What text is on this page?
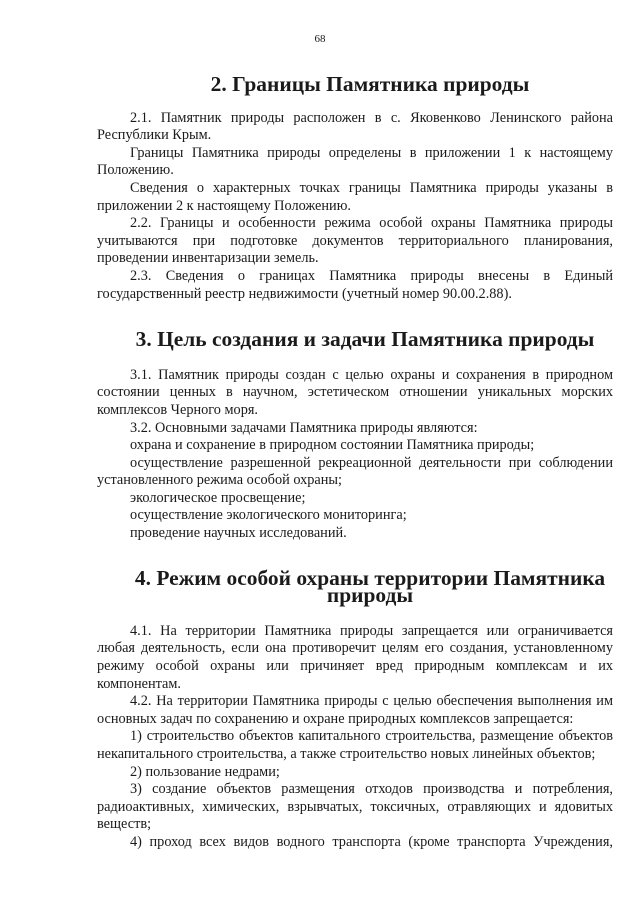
68
2. Границы Памятника природы

2.1. Памятник природы расположен в с. Яковенково Ленинского района Республики Крым.

Границы Памятника природы определены в приложении 1 к настоящему Положению.

Сведения о характерных точках границы Памятника природы указаны в приложении 2 к настоящему Положению.

2.2. Границы и особенности режима особой охраны Памятника природы учитываются при подготовке документов территориального планирования, проведении инвентаризации земель.

2.3. Сведения о границах Памятника природы внесены в Единый государственный реестр недвижимости (учетный номер 90.00.2.88).

3. Цель создания и задачи Памятника природы

3.1. Памятник природы создан с целью охраны и сохранения в природном состоянии ценных в научном, эстетическом отношении уникальных морских комплексов Черного моря.

3.2. Основными задачами Памятника природы являются:

охрана и сохранение в природном состоянии Памятника природы;

осуществление разрешенной рекреационной деятельности при соблюдении установленного режима особой охраны;

экологическое просвещение;

осуществление экологического мониторинга;

проведение научных исследований.

4. Режим особой охраны территории Памятника природы

4.1. На территории Памятника природы запрещается или ограничивается любая деятельность, если она противоречит целям его создания, установленному режиму особой охраны или причиняет вред природным комплексам и их компонентам.

4.2. На территории Памятника природы с целью обеспечения выполнения им основных задач по сохранению и охране природных комплексов запрещается:

1) строительство объектов капитального строительства, размещение объектов некапитального строительства, а также строительство новых линейных объектов;

2) пользование недрами;

3) создание объектов размещения отходов производства и потребления, радиоактивных, химических, взрывчатых, токсичных, отравляющих и ядовитых веществ;

4) проход всех видов водного транспорта (кроме транспорта Учреждения,
